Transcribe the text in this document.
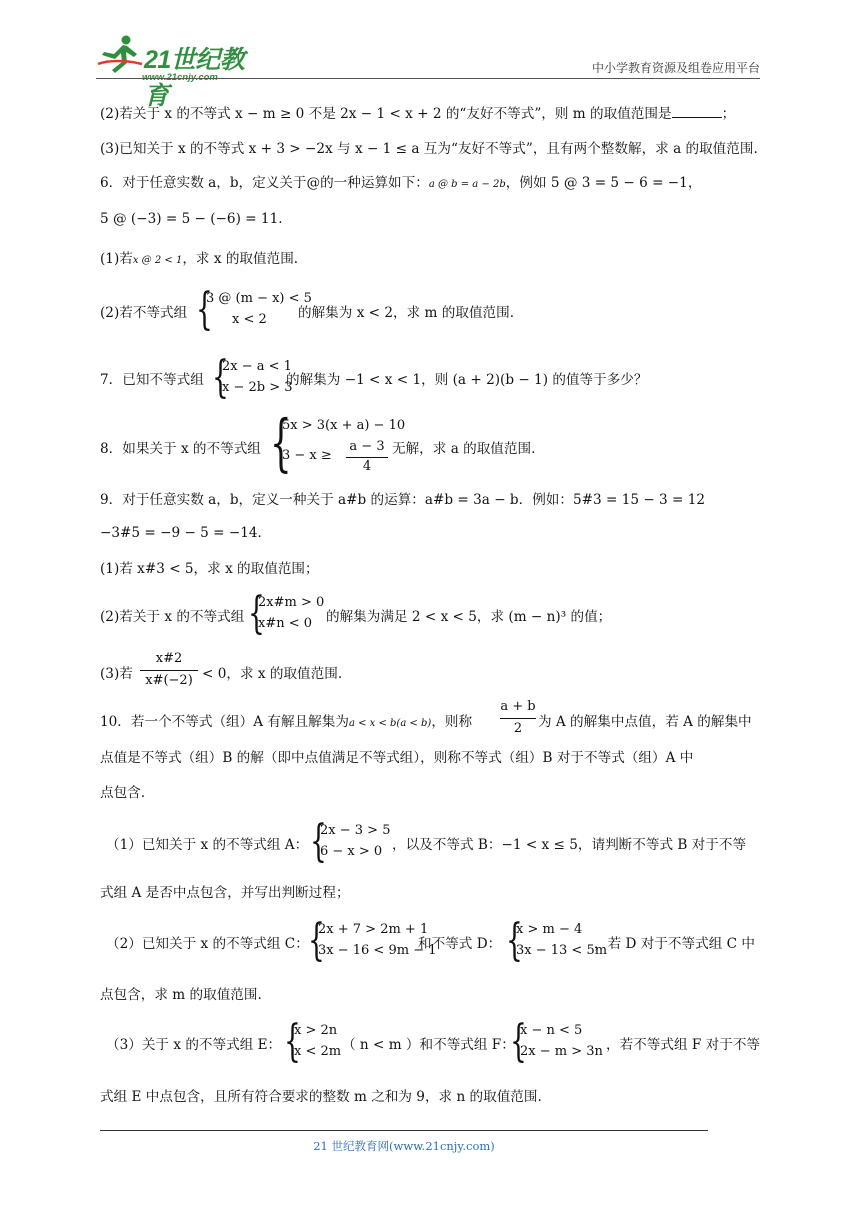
21世纪教育
www.21cnjy.com
中小学教育资源及组卷应用平台
(2)若关于 x 的不等式 x − m ≥ 0 不是 2x − 1 < x + 2 的“友好不等式”，则 m 的取值范围是	；
(3)已知关于 x 的不等式 x + 3 > −2x 与 x − 1 ≤ a 互为“友好不等式”，且有两个整数解，求 a 的取值范围.
6．对于任意实数 a，b，定义关于@的一种运算如下：a @ b = a − 2b，例如 5 @ 3 = 5 − 6 = −1，
5 @ (−3) = 5 − (−6) = 11.
(1)若x @ 2 < 1，求 x 的取值范围.
(2)若不等式组 {
3 @ (m − x) < 5
x < 2 的解集为 x < 2，求 m 的取值范围.
7．已知不等式组 {
2x − a < 1
x − 2b > 3
的解集为 −1 < x < 1，则 (a + 2)(b − 1) 的值等于多少？
8．如果关于 x 的不等式组 {
5x > 3(x + a) − 10
3 − x ≥
a − 3
4
无解，求 a 的取值范围.
9．对于任意实数 a，b，定义一种关于 a#b 的运算：a#b = 3a − b．例如：5#3 = 15 − 3 = 12
−3#5 = −9 − 5 = −14．
(1)若 x#3 < 5，求 x 的取值范围；
(2)若关于 x 的不等式组 {
2x#m > 0
x#n < 0 的解集为满足 2 < x < 5，求 (m − n)³ 的值；
(3)若
x#2
x#(−2) < 0，求 x 的取值范围.
10．若一个不等式（组）A 有解且解集为a < x < b(a < b)，则称
a + b
2	为 A 的解集中点值，若 A 的解集中
点值是不等式（组）B 的解（即中点值满足不等式组），则称不等式（组）B 对于不等式（组）A 中
点包含.
（1）已知关于 x 的不等式组 A： {
2x − 3 > 5
6 − x > 0 ，以及不等式 B：−1 < x ≤ 5，请判断不等式 B 对于不等
式组 A 是否中点包含，并写出判断过程；
（2）已知关于 x 的不等式组 C： {
2x + 7 > 2m + 1
3x − 16 < 9m − 1
和不等式 D： {
x > m − 4
3x − 13 < 5m
，若 D 对于不等式组 C 中
点包含，求 m 的取值范围.
（3）关于 x 的不等式组 E： {
x > 2n
x < 2m （ n < m ）和不等式组 F：
{
x − n < 5
2x − m > 3n ，若不等式组 F 对于不等
式组 E 中点包含，且所有符合要求的整数 m 之和为 9，求 n 的取值范围.
21 世纪教育网(www.21cnjy.com)
